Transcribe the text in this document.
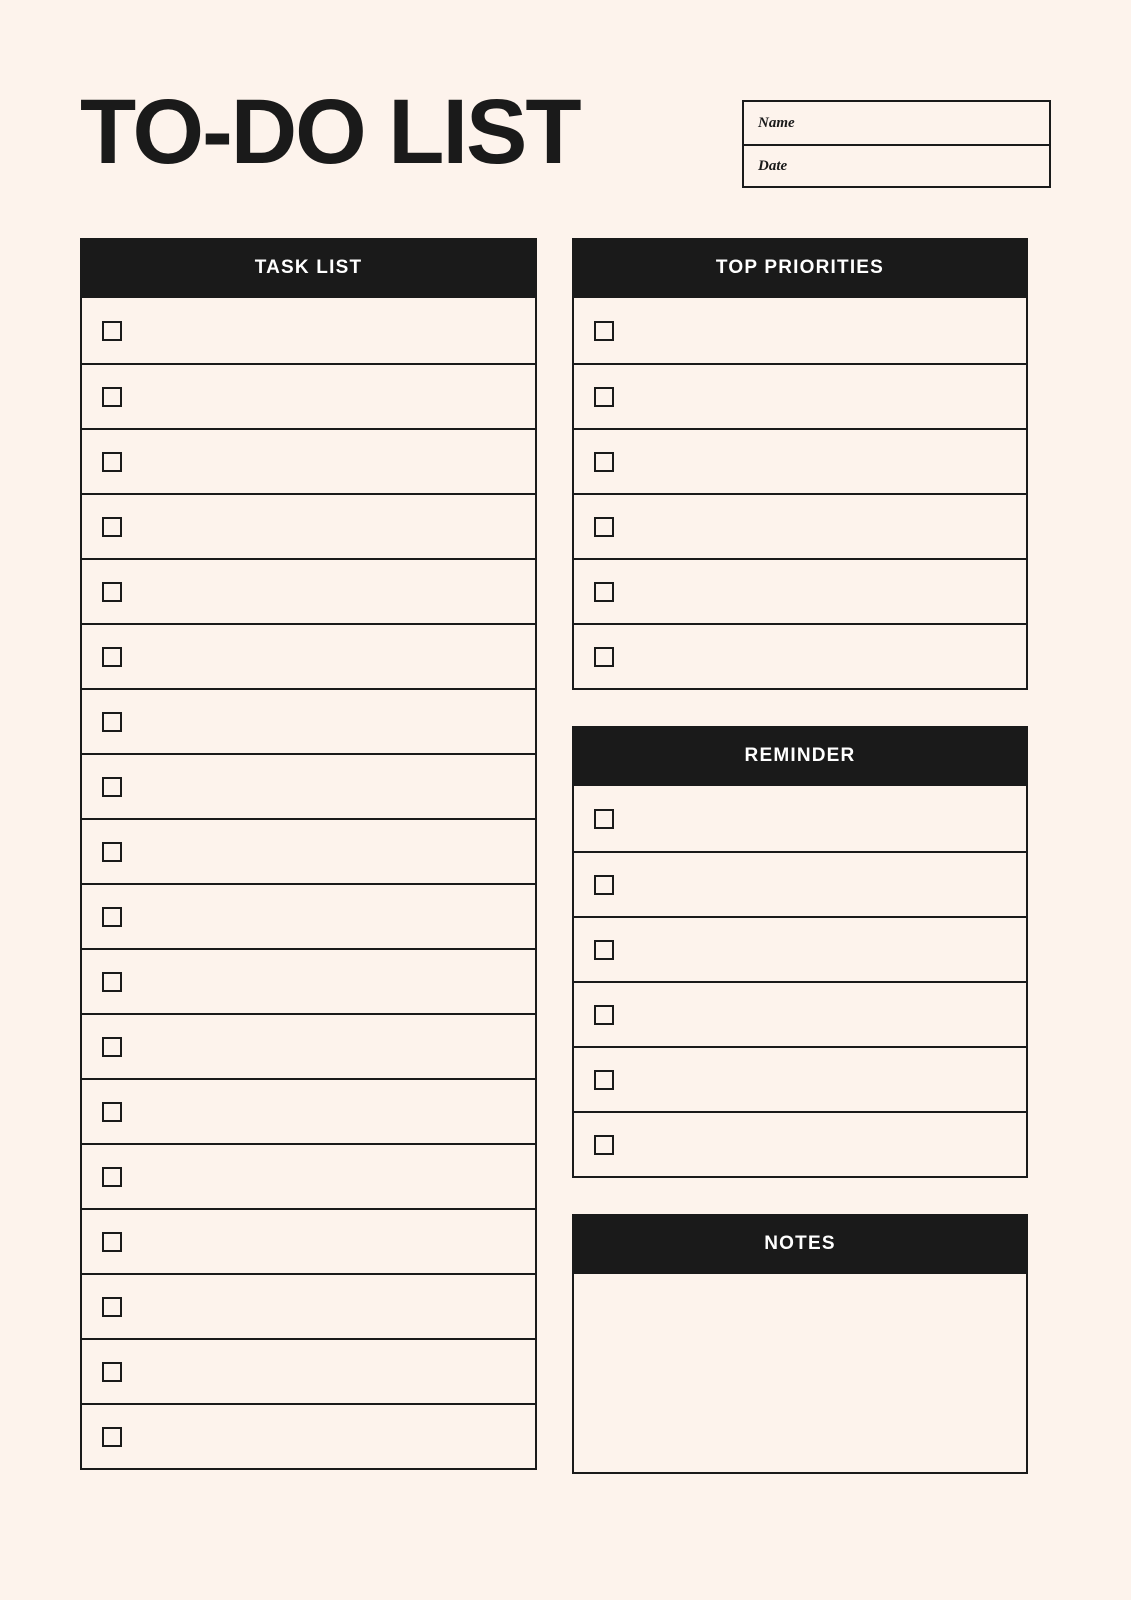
TO-DO LIST	Name
Date
TASK LIST	TOP PRIORITIES
REMINDER
NOTES
